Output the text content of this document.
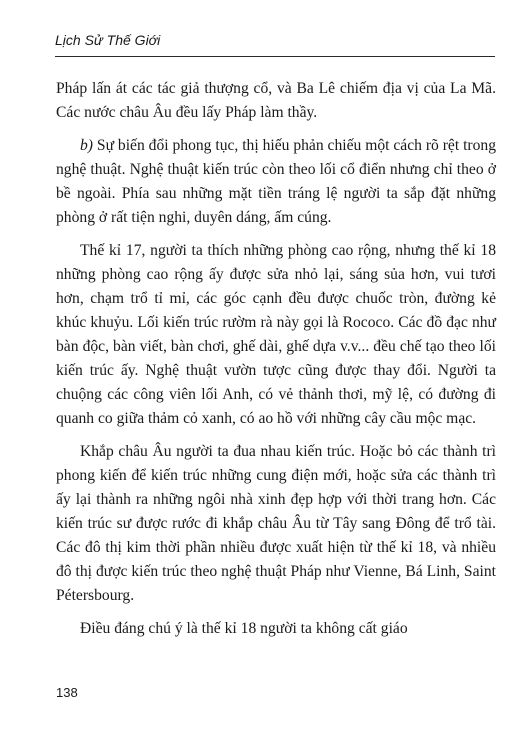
Lịch Sử Thế Giới

Pháp lấn át các tác giả thượng cổ, và Ba Lê chiếm địa vị của La Mã. Các nước châu Âu đều lấy Pháp làm thầy.

b) Sự biến đổi phong tục, thị hiếu phản chiếu một cách rõ rệt trong nghệ thuật. Nghệ thuật kiến trúc còn theo lối cổ điển nhưng chỉ theo ở bề ngoài. Phía sau những mặt tiền tráng lệ người ta sắp đặt những phòng ở rất tiện nghi, duyên dáng, ấm cúng.

Thế kỉ 17, người ta thích những phòng cao rộng, nhưng thế kỉ 18 những phòng cao rộng ấy được sửa nhỏ lại, sáng sủa hơn, vui tươi hơn, chạm trổ tỉ mỉ, các góc cạnh đều được chuốc tròn, đường kẻ khúc khuỷu. Lối kiến trúc rườm rà này gọi là Rococo. Các đồ đạc như bàn độc, bàn viết, bàn chơi, ghế dài, ghế dựa v.v... đều chế tạo theo lối kiến trúc ấy. Nghệ thuật vườn tược cũng được thay đổi. Người ta chuộng các công viên lối Anh, có vẻ thảnh thơi, mỹ lệ, có đường đi quanh co giữa thảm cỏ xanh, có ao hồ với những cây cầu mộc mạc.

Khắp châu Âu người ta đua nhau kiến trúc. Hoặc bỏ các thành trì phong kiến để kiến trúc những cung điện mới, hoặc sửa các thành trì ấy lại thành ra những ngôi nhà xinh đẹp hợp với thời trang hơn. Các kiến trúc sư được rước đi khắp châu Âu từ Tây sang Đông để trổ tài. Các đô thị kim thời phần nhiều được xuất hiện từ thế kỉ 18, và nhiều đô thị được kiến trúc theo nghệ thuật Pháp như Vienne, Bá Linh, Saint Pétersbourg.

Điều đáng chú ý là thế kỉ 18 người ta không cất giáo

138
